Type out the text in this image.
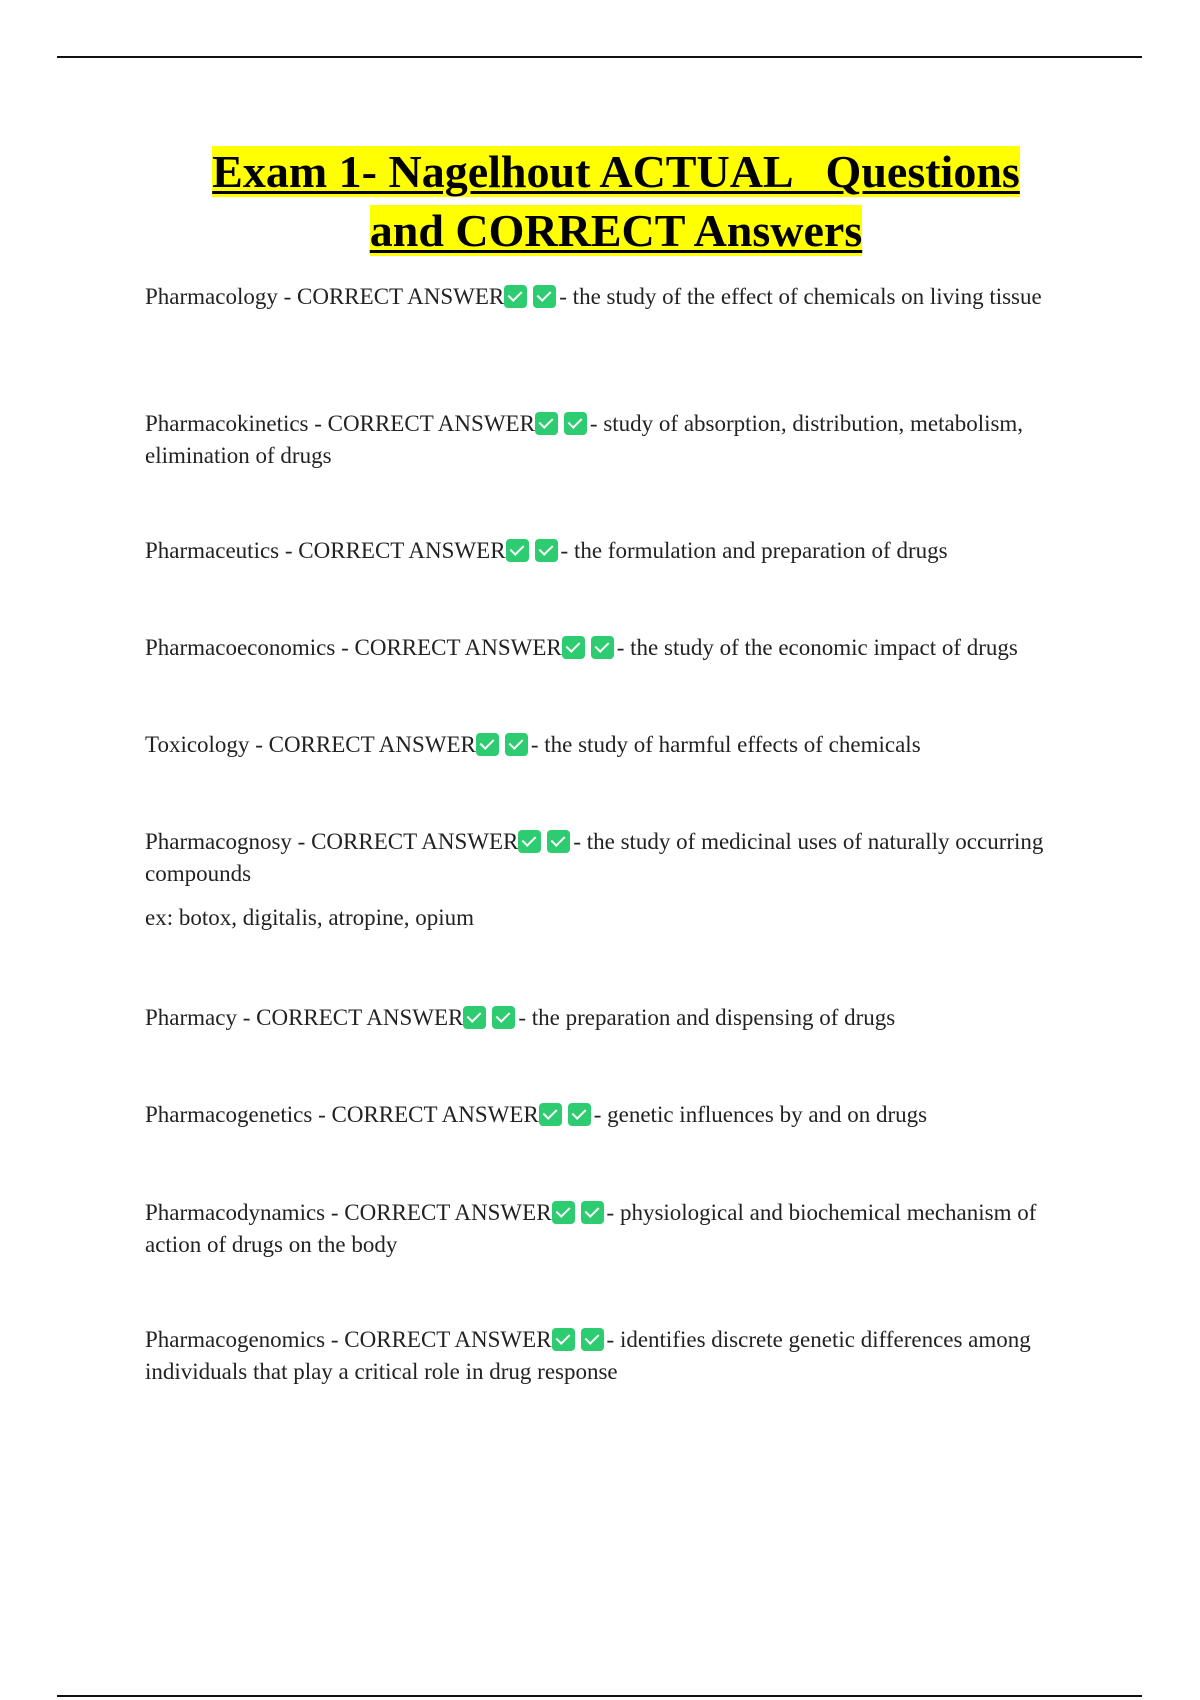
Exam 1- Nagelhout ACTUAL   Questions
and CORRECT Answers

Pharmacology - CORRECT ANSWER - the study of the effect of chemicals on living tissue

Pharmacokinetics - CORRECT ANSWER - study of absorption, distribution, metabolism, elimination of drugs

Pharmaceutics - CORRECT ANSWER - the formulation and preparation of drugs

Pharmacoeconomics - CORRECT ANSWER - the study of the economic impact of drugs

Toxicology - CORRECT ANSWER - the study of harmful effects of chemicals

Pharmacognosy - CORRECT ANSWER - the study of medicinal uses of naturally occurring compounds

ex: botox, digitalis, atropine, opium

Pharmacy - CORRECT ANSWER - the preparation and dispensing of drugs

Pharmacogenetics - CORRECT ANSWER - genetic influences by and on drugs

Pharmacodynamics - CORRECT ANSWER - physiological and biochemical mechanism of action of drugs on the body

Pharmacogenomics - CORRECT ANSWER - identifies discrete genetic differences among individuals that play a critical role in drug response
